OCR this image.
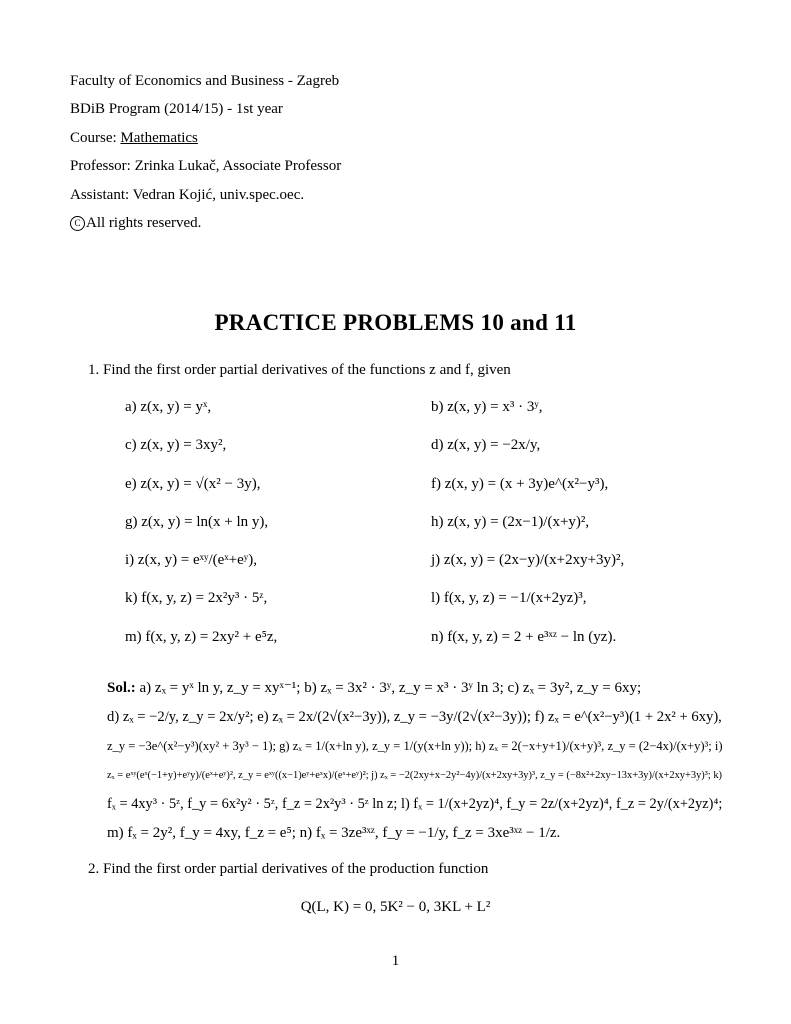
Faculty of Economics and Business - Zagreb
BDiB Program (2014/15) - 1st year
Course: Mathematics
Professor: Zrinka Lukač, Associate Professor
Assistant: Vedran Kojić, univ.spec.oec.
C All rights reserved.
PRACTICE PROBLEMS 10 and 11
1. Find the first order partial derivatives of the functions z and f, given
a) z(x, y) = yˣ,	b) z(x, y) = x³ · 3ʸ,
c) z(x, y) = 3xy²,	d) z(x, y) = −2x/y,
e) z(x, y) = √(x² − 3y),	f) z(x, y) = (x + 3y)e^(x²−y³),
g) z(x, y) = ln(x + ln y),	h) z(x, y) = (2x−1)/(x+y)²,
i) z(x, y) = eˣʸ/(eˣ+eʸ),	j) z(x, y) = (2x−y)/(x+2xy+3y)²,
k) f(x, y, z) = 2x²y³ · 5ᶻ,	l) f(x, y, z) = −1/(x+2yz)³,
m) f(x, y, z) = 2xy² + e⁵z,	n) f(x, y, z) = 2 + e³ˣᶻ − ln (yz).
Sol.: a) zₓ = yˣ ln y, z_y = xyˣ⁻¹; b) zₓ = 3x² · 3ʸ, z_y = x³ · 3ʸ ln 3; c) zₓ = 3y², z_y = 6xy;
d) zₓ = −2/y, z_y = 2x/y²; e) zₓ = 2x/(2√(x²−3y)), z_y = −3y/(2√(x²−3y)); f) zₓ = e^(x²−y³)(1 + 2x² + 6xy),
z_y = −3e^(x²−y³)(xy² + 3y³ − 1); g) zₓ = 1/(x+ln y), z_y = 1/(y(x+ln y)); h) zₓ = 2(−x+y+1)/(x+y)³, z_y = (2−4x)/(x+y)³; i)
zₓ = eˣʸ(eˣ(−1+y)+eʸy)/(eˣ+eʸ)², z_y = eˣʸ((x−1)eʸ+eˣx)/(eˣ+eʸ)²; j) zₓ = −2(2xy+x−2y²−4y)/(x+2xy+3y)³, z_y = (−8x²+2xy−13x+3y)/(x+2xy+3y)³; k)
fₓ = 4xy³ · 5ᶻ, f_y = 6x²y² · 5ᶻ, f_z = 2x²y³ · 5ᶻ ln z; l) fₓ = 1/(x+2yz)⁴, f_y = 2z/(x+2yz)⁴, f_z = 2y/(x+2yz)⁴;
m) fₓ = 2y², f_y = 4xy, f_z = e⁵; n) fₓ = 3ze³ˣᶻ, f_y = −1/y, f_z = 3xe³ˣᶻ − 1/z.
2. Find the first order partial derivatives of the production function
Q(L, K) = 0, 5K² − 0, 3KL + L²
1
